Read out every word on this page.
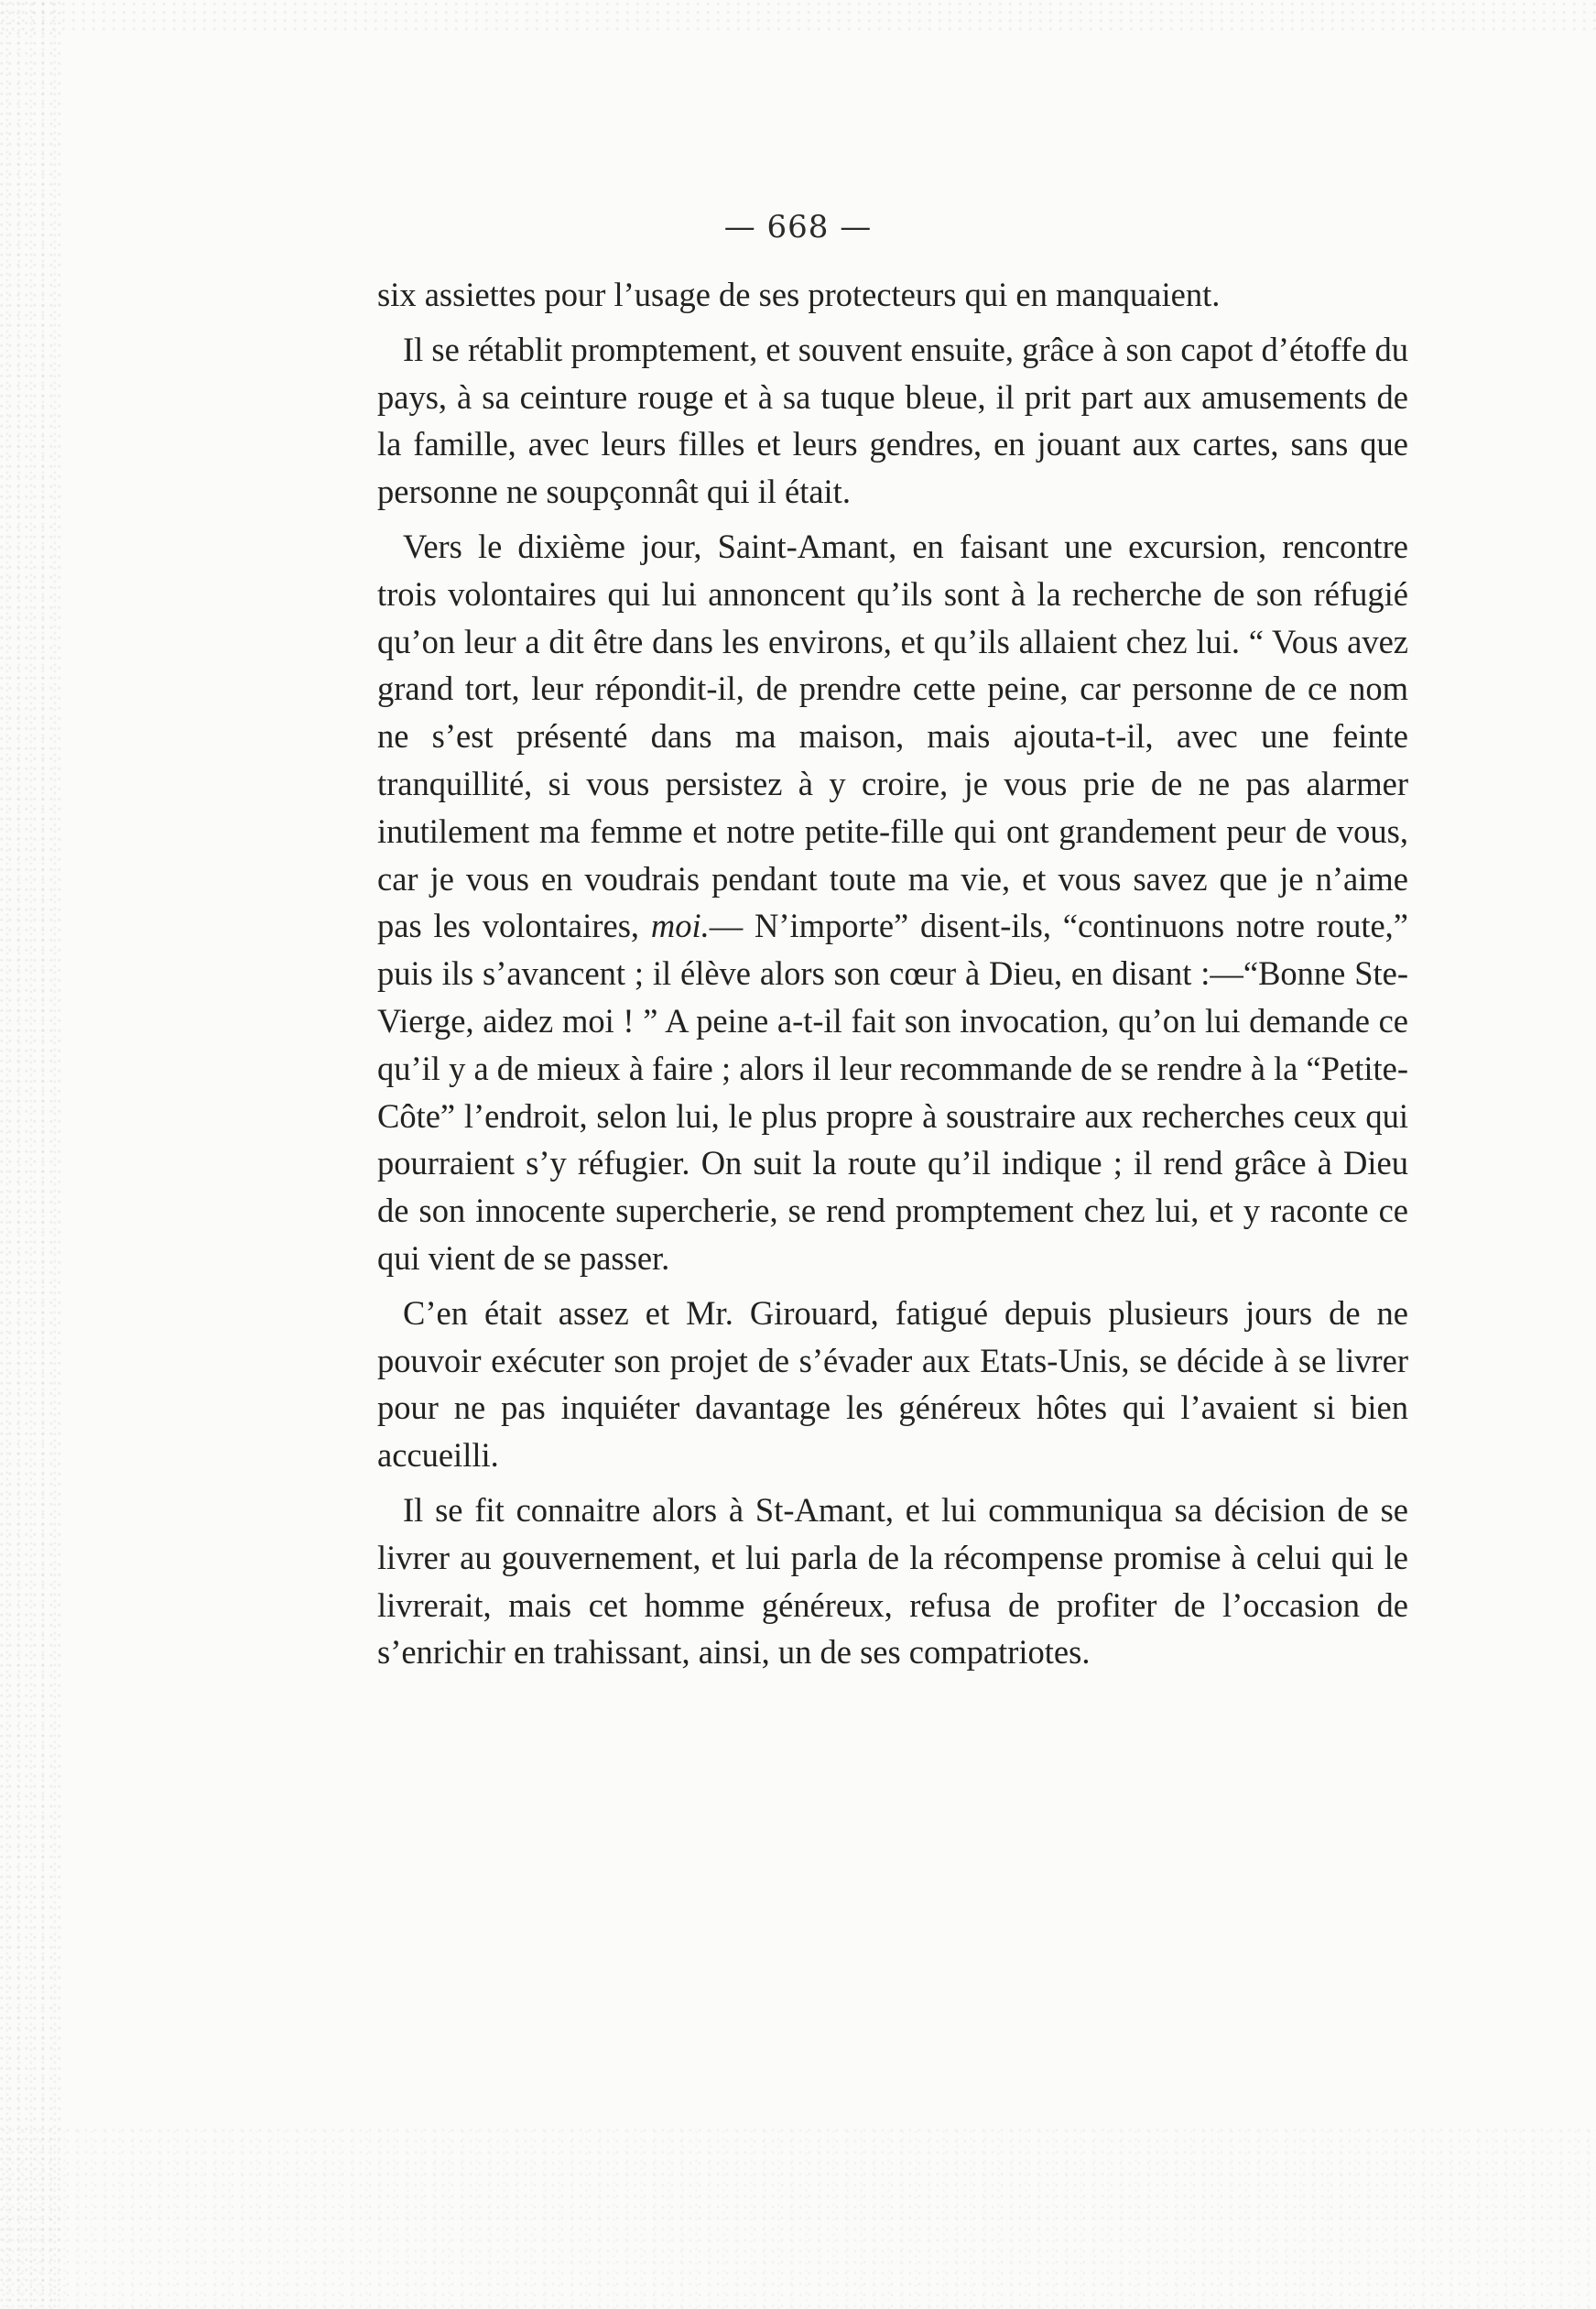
— 668 —

six assiettes pour l’usage de ses protecteurs qui en manquaient.

Il se rétablit promptement, et souvent ensuite, grâce à son capot d’étoffe du pays, à sa ceinture rouge et à sa tuque bleue, il prit part aux amusements de la famille, avec leurs filles et leurs gendres, en jouant aux cartes, sans que personne ne soupçonnât qui il était.

Vers le dixième jour, Saint-Amant, en faisant une excursion, rencontre trois volontaires qui lui annoncent qu’ils sont à la recherche de son réfugié qu’on leur a dit être dans les environs, et qu’ils allaient chez lui. “ Vous avez grand tort, leur répondit-il, de prendre cette peine, car personne de ce nom ne s’est présenté dans ma maison, mais ajouta-t-il, avec une feinte tranquillité, si vous persistez à y croire, je vous prie de ne pas alarmer inutilement ma femme et notre petite-fille qui ont grandement peur de vous, car je vous en voudrais pendant toute ma vie, et vous savez que je n’aime pas les volontaires, moi.— N’importe” disent-ils, “continuons notre route,” puis ils s’avancent ; il élève alors son cœur à Dieu, en disant :—“Bonne Ste-Vierge, aidez moi ! ” A peine a-t-il fait son invocation, qu’on lui demande ce qu’il y a de mieux à faire ; alors il leur recommande de se rendre à la “Petite-Côte” l’endroit, selon lui, le plus propre à soustraire aux recherches ceux qui pourraient s’y réfugier. On suit la route qu’il indique ; il rend grâce à Dieu de son innocente supercherie, se rend promptement chez lui, et y raconte ce qui vient de se passer.

C’en était assez et Mr. Girouard, fatigué depuis plusieurs jours de ne pouvoir exécuter son projet de s’évader aux Etats-Unis, se décide à se livrer pour ne pas inquiéter davantage les généreux hôtes qui l’avaient si bien accueilli.

Il se fit connaitre alors à St-Amant, et lui communiqua sa décision de se livrer au gouvernement, et lui parla de la récompense promise à celui qui le livrerait, mais cet homme généreux, refusa de profiter de l’occasion de s’enrichir en trahissant, ainsi, un de ses compatriotes.
